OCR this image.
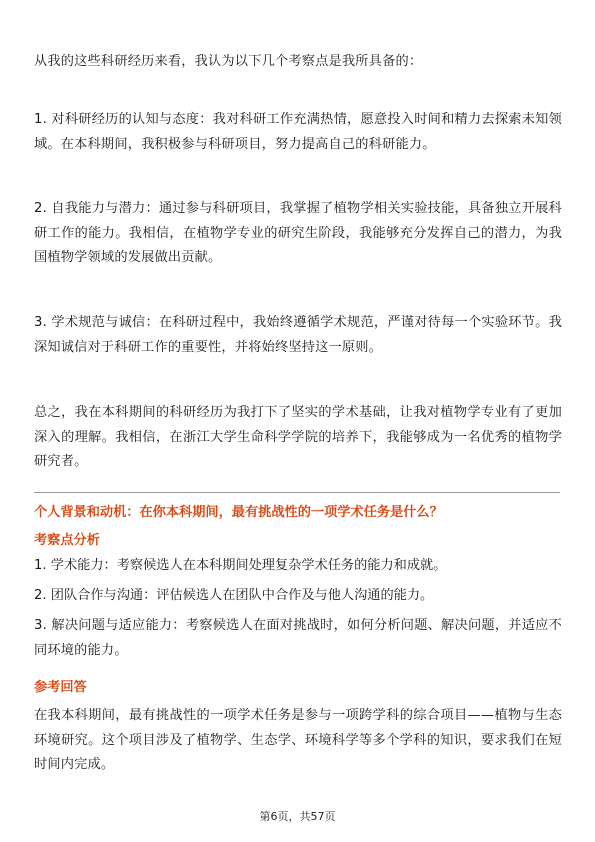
从我的这些科研经历来看，我认为以下几个考察点是我所具备的：

1. 对科研经历的认知与态度：我对科研工作充满热情，愿意投入时间和精力去探索未知领域。在本科期间，我积极参与科研项目，努力提高自己的科研能力。

2. 自我能力与潜力：通过参与科研项目，我掌握了植物学相关实验技能，具备独立开展科研工作的能力。我相信，在植物学专业的研究生阶段，我能够充分发挥自己的潜力，为我国植物学领域的发展做出贡献。

3. 学术规范与诚信：在科研过程中，我始终遵循学术规范，严谨对待每一个实验环节。我深知诚信对于科研工作的重要性，并将始终坚持这一原则。

总之，我在本科期间的科研经历为我打下了坚实的学术基础，让我对植物学专业有了更加深入的理解。我相信，在浙江大学生命科学学院的培养下，我能够成为一名优秀的植物学研究者。

个人背景和动机：在你本科期间，最有挑战性的一项学术任务是什么？

考察点分析

1. 学术能力：考察候选人在本科期间处理复杂学术任务的能力和成就。

2. 团队合作与沟通：评估候选人在团队中合作及与他人沟通的能力。

3. 解决问题与适应能力：考察候选人在面对挑战时，如何分析问题、解决问题，并适应不同环境的能力。

参考回答

在我本科期间，最有挑战性的一项学术任务是参与一项跨学科的综合项目——植物与生态环境研究。这个项目涉及了植物学、生态学、环境科学等多个学科的知识，要求我们在短时间内完成。

第6页，共57页
